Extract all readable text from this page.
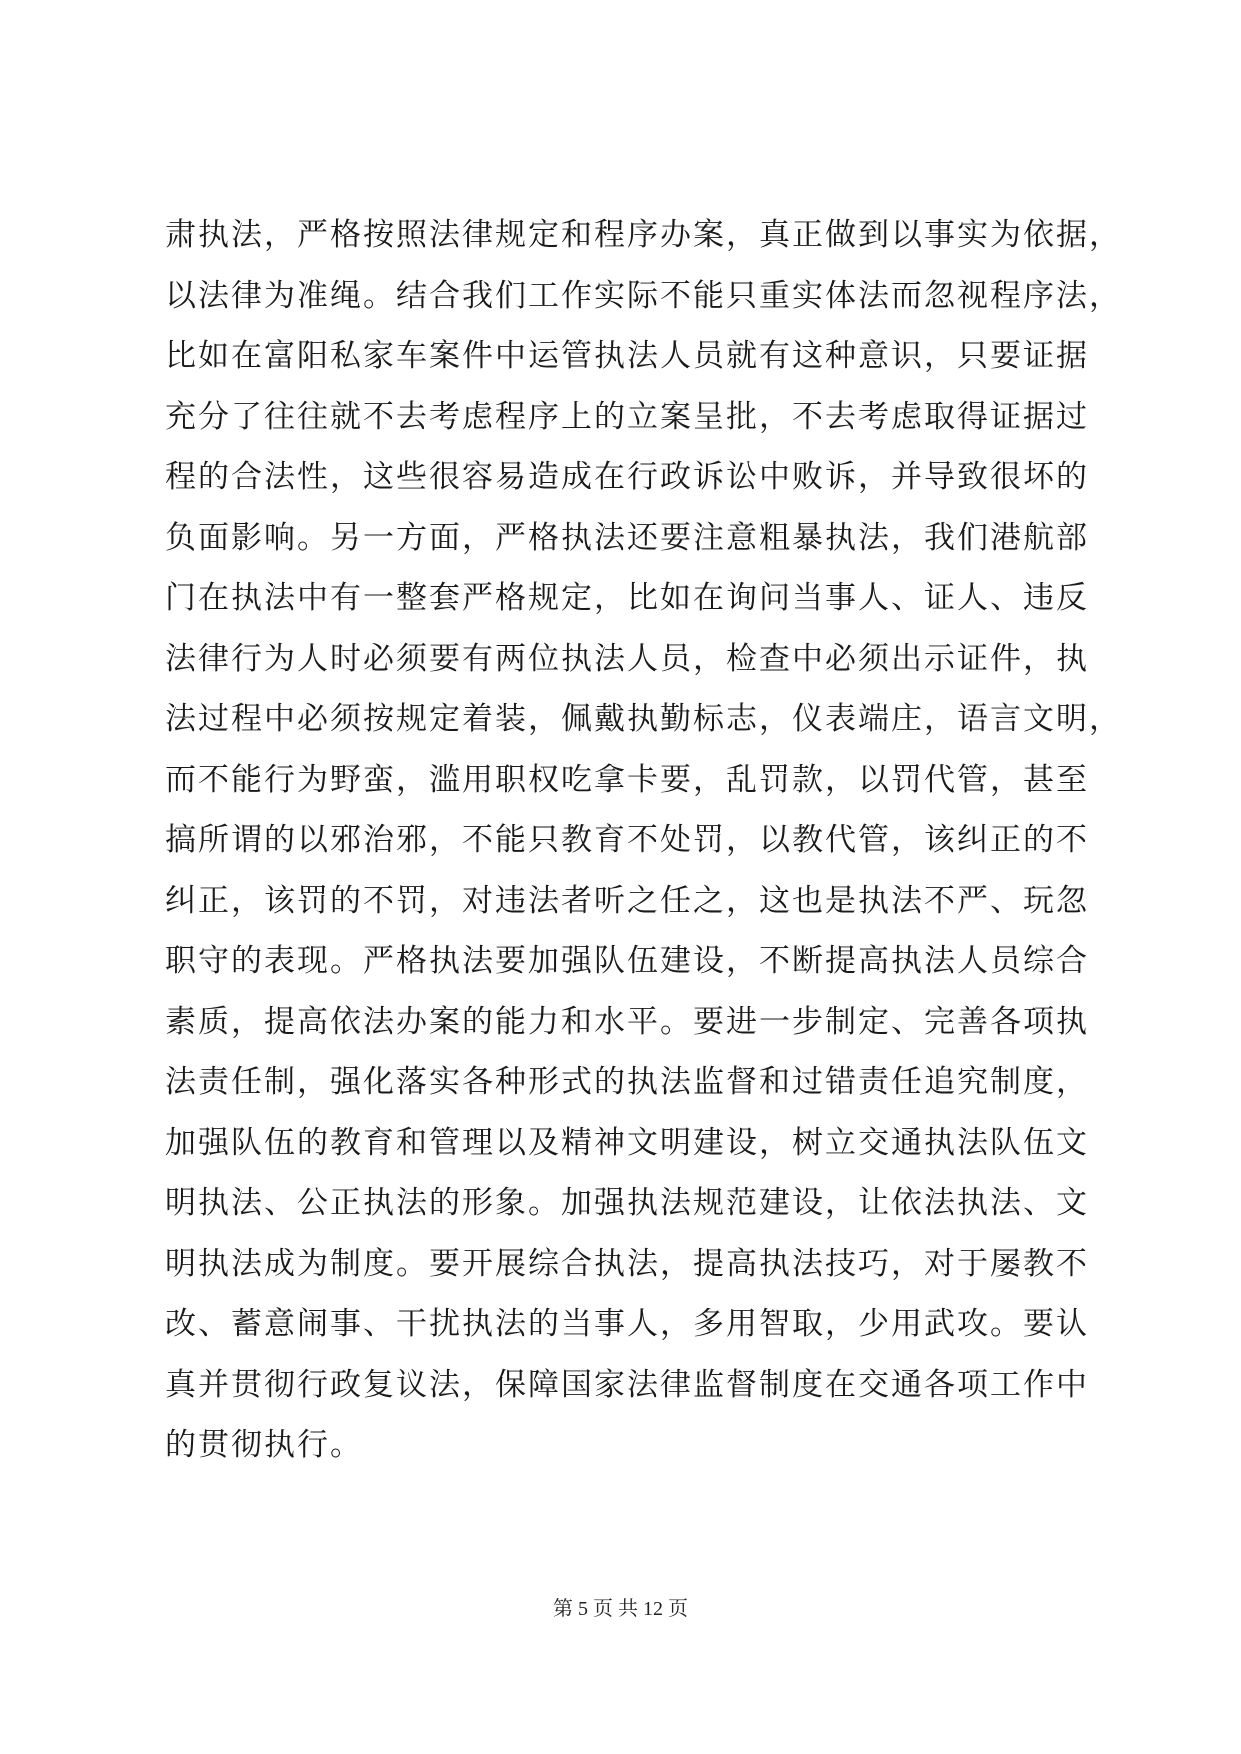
肃执法，严格按照法律规定和程序办案，真正做到以事实为依据，
以法律为准绳。结合我们工作实际不能只重实体法而忽视程序法，
比如在富阳私家车案件中运管执法人员就有这种意识，只要证据
充分了往往就不去考虑程序上的立案呈批，不去考虑取得证据过
程的合法性，这些很容易造成在行政诉讼中败诉，并导致很坏的
负面影响。另一方面，严格执法还要注意粗暴执法，我们港航部
门在执法中有一整套严格规定，比如在询问当事人、证人、违反
法律行为人时必须要有两位执法人员，检查中必须出示证件，执
法过程中必须按规定着装，佩戴执勤标志，仪表端庄，语言文明，
而不能行为野蛮，滥用职权吃拿卡要，乱罚款，以罚代管，甚至
搞所谓的以邪治邪，不能只教育不处罚，以教代管，该纠正的不
纠正，该罚的不罚，对违法者听之任之，这也是执法不严、玩忽
职守的表现。严格执法要加强队伍建设，不断提高执法人员综合
素质，提高依法办案的能力和水平。要进一步制定、完善各项执
法责任制，强化落实各种形式的执法监督和过错责任追究制度，
加强队伍的教育和管理以及精神文明建设，树立交通执法队伍文
明执法、公正执法的形象。加强执法规范建设，让依法执法、文
明执法成为制度。要开展综合执法，提高执法技巧，对于屡教不
改、蓄意闹事、干扰执法的当事人，多用智取，少用武攻。要认
真并贯彻行政复议法，保障国家法律监督制度在交通各项工作中
的贯彻执行。
第 5 页 共 12 页
